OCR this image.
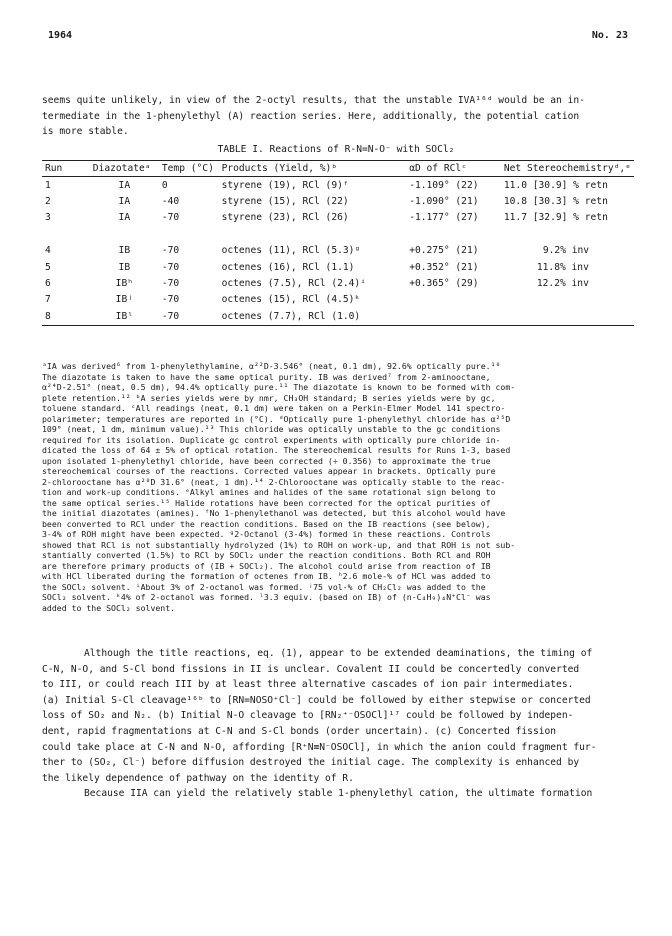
1964	No. 23

seems quite unlikely, in view of the 2-octyl results, that the unstable IVA¹⁶ᵈ would be an in-

termediate in the 1-phenylethyl (A) reaction series. Here, additionally, the potential cation

is more stable.

TABLE I. Reactions of R-N=N-O⁻ with SOCl₂
Run	Diazotateᵃ	Temp (°C)	Products (Yield, %)ᵇ	αD of RClᶜ	Net Stereochemistryᵈ,ᵉ
1	IA	0	styrene (19), RCl (9)ᶠ	-1.109° (22)	11.0 [30.9] % retn
2	IA	-40	styrene (15), RCl (22)	-1.090° (21)	10.8 [30.3] % retn
3	IA	-70	styrene (23), RCl (26)	-1.177° (27)	11.7 [32.9] % retn

4	IB	-70	octenes (11), RCl (5.3)ᵍ	+0.275° (21)	9.2% inv
5	IB	-70	octenes (16), RCl (1.1)	+0.352° (21)	11.8% inv
6	IBʰ	-70	octenes (7.5), RCl (2.4)ⁱ	+0.365° (29)	12.2% inv
7	IBʲ	-70	octenes (15), RCl (4.5)ᵏ		
8	IBˡ	-70	octenes (7.7), RCl (1.0)		

ᵃIA was derived⁶ from 1-phenylethylamine, α²²D-3.546° (neat, 0.1 dm), 92.6% optically pure.¹⁰

The diazotate is taken to have the same optical purity. IB was derived⁷ from 2-aminooctane,

α²⁴D-2.51° (neat, 0.5 dm), 94.4% optically pure.¹¹ The diazotate is known to be formed with com-

plete retention.¹² ᵇA series yields were by nmr, CH₃OH standard; B series yields were by gc,

toluene standard. ᶜAll readings (neat, 0.1 dm) were taken on a Perkin-Elmer Model 141 spectro-

polarimeter; temperatures are reported in (°C). ᵈOptically pure 1-phenylethyl chloride has α²⁵D

109° (neat, 1 dm, minimum value).¹³ This chloride was optically unstable to the gc conditions

required for its isolation. Duplicate gc control experiments with optically pure chloride in-

dicated the loss of 64 ± 5% of optical rotation. The stereochemical results for Runs 1-3, based

upon isolated 1-phenylethyl chloride, have been corrected (÷ 0.356) to approximate the true

stereochemical courses of the reactions. Corrected values appear in brackets. Optically pure

2-chlorooctane has α²⁰D 31.6° (neat, 1 dm).¹⁴ 2-Chlorooctane was optically stable to the reac-

tion and work-up conditions. ᵉAlkyl amines and halides of the same rotational sign belong to

the same optical series.¹⁵ Halide rotations have been corrected for the optical purities of

the initial diazotates (amines). ᶠNo 1-phenylethanol was detected, but this alcohol would have

been converted to RCl under the reaction conditions. Based on the IB reactions (see below),

3-4% of ROH might have been expected. ᵍ2-Octanol (3-4%) formed in these reactions. Controls

showed that RCl is not substantially hydrolyzed (1%) to ROH on work-up, and that ROH is not sub-

stantially converted (1.5%) to RCl by SOCl₂ under the reaction conditions. Both RCl and ROH

are therefore primary products of (IB + SOCl₂). The alcohol could arise from reaction of IB

with HCl liberated during the formation of octenes from IB. ʰ2.6 mole-% of HCl was added to

the SOCl₂ solvent. ⁱAbout 3% of 2-octanol was formed. ʲ75 vol-% of CH₂Cl₂ was added to the

SOCl₂ solvent. ᵏ4% of 2-octanol was formed. ˡ3.3 equiv. (based on IB) of (n-C₄H₉)₄N⁺Cl⁻ was

added to the SOCl₂ solvent.

Although the title reactions, eq. (1), appear to be extended deaminations, the timing of

C-N, N-O, and S-Cl bond fissions in II is unclear. Covalent II could be concertedly converted

to III, or could reach III by at least three alternative cascades of ion pair intermediates.

(a) Initial S-Cl cleavage¹⁶ᵇ to [RN=NOSO⁺Cl⁻] could be followed by either stepwise or concerted

loss of SO₂ and N₂. (b) Initial N-O cleavage to [RN₂⁺⁻OSOCl]¹⁷ could be followed by indepen-

dent, rapid fragmentations at C-N and S-Cl bonds (order uncertain). (c) Concerted fission

could take place at C-N and N-O, affording [R⁺N≡N⁻OSOCl], in which the anion could fragment fur-

ther to (SO₂, Cl⁻) before diffusion destroyed the initial cage. The complexity is enhanced by

the likely dependence of pathway on the identity of R.

Because IIA can yield the relatively stable 1-phenylethyl cation, the ultimate formation
